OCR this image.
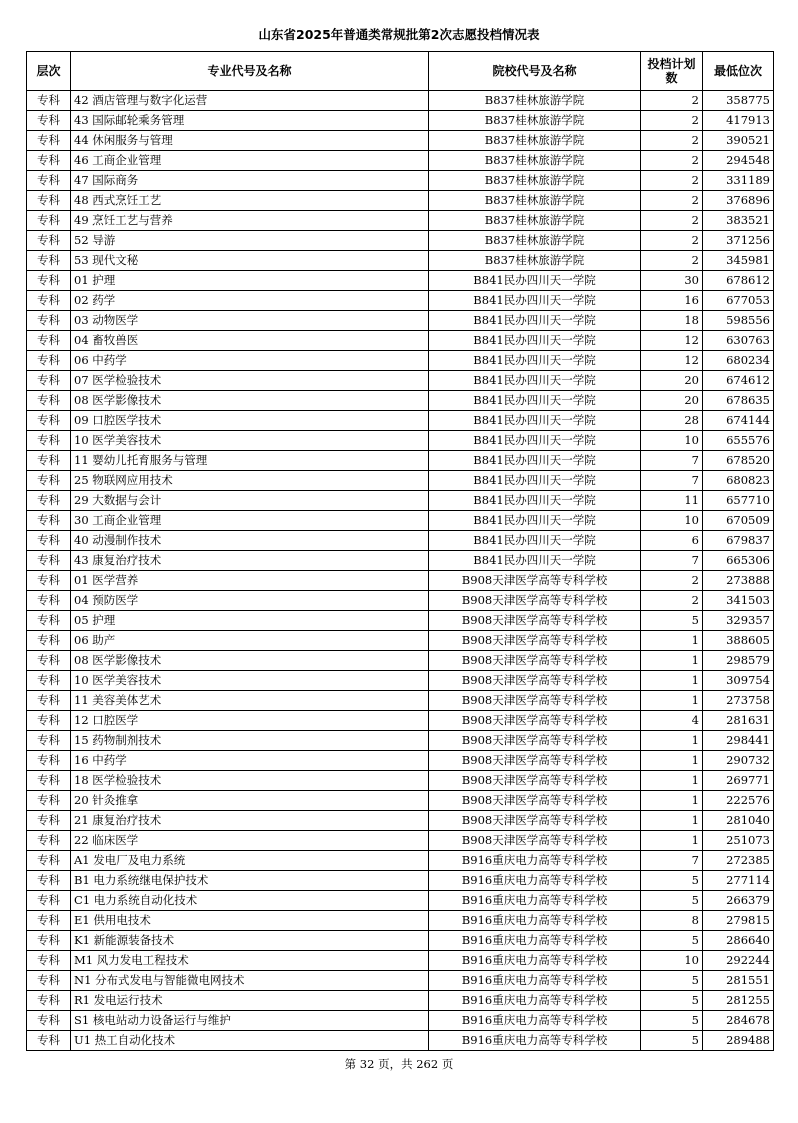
山东省2025年普通类常规批第2次志愿投档情况表
层次	专业代号及名称	院校代号及名称	投档计划数	最低位次
专科	42 酒店管理与数字化运营	B837桂林旅游学院	2	358775
专科	43 国际邮轮乘务管理	B837桂林旅游学院	2	417913
专科	44 休闲服务与管理	B837桂林旅游学院	2	390521
专科	46 工商企业管理	B837桂林旅游学院	2	294548
专科	47 国际商务	B837桂林旅游学院	2	331189
专科	48 西式烹饪工艺	B837桂林旅游学院	2	376896
专科	49 烹饪工艺与营养	B837桂林旅游学院	2	383521
专科	52 导游	B837桂林旅游学院	2	371256
专科	53 现代文秘	B837桂林旅游学院	2	345981
专科	01 护理	B841民办四川天一学院	30	678612
专科	02 药学	B841民办四川天一学院	16	677053
专科	03 动物医学	B841民办四川天一学院	18	598556
专科	04 畜牧兽医	B841民办四川天一学院	12	630763
专科	06 中药学	B841民办四川天一学院	12	680234
专科	07 医学检验技术	B841民办四川天一学院	20	674612
专科	08 医学影像技术	B841民办四川天一学院	20	678635
专科	09 口腔医学技术	B841民办四川天一学院	28	674144
专科	10 医学美容技术	B841民办四川天一学院	10	655576
专科	11 婴幼儿托育服务与管理	B841民办四川天一学院	7	678520
专科	25 物联网应用技术	B841民办四川天一学院	7	680823
专科	29 大数据与会计	B841民办四川天一学院	11	657710
专科	30 工商企业管理	B841民办四川天一学院	10	670509
专科	40 动漫制作技术	B841民办四川天一学院	6	679837
专科	43 康复治疗技术	B841民办四川天一学院	7	665306
专科	01 医学营养	B908天津医学高等专科学校	2	273888
专科	04 预防医学	B908天津医学高等专科学校	2	341503
专科	05 护理	B908天津医学高等专科学校	5	329357
专科	06 助产	B908天津医学高等专科学校	1	388605
专科	08 医学影像技术	B908天津医学高等专科学校	1	298579
专科	10 医学美容技术	B908天津医学高等专科学校	1	309754
专科	11 美容美体艺术	B908天津医学高等专科学校	1	273758
专科	12 口腔医学	B908天津医学高等专科学校	4	281631
专科	15 药物制剂技术	B908天津医学高等专科学校	1	298441
专科	16 中药学	B908天津医学高等专科学校	1	290732
专科	18 医学检验技术	B908天津医学高等专科学校	1	269771
专科	20 针灸推拿	B908天津医学高等专科学校	1	222576
专科	21 康复治疗技术	B908天津医学高等专科学校	1	281040
专科	22 临床医学	B908天津医学高等专科学校	1	251073
专科	A1 发电厂及电力系统	B916重庆电力高等专科学校	7	272385
专科	B1 电力系统继电保护技术	B916重庆电力高等专科学校	5	277114
专科	C1 电力系统自动化技术	B916重庆电力高等专科学校	5	266379
专科	E1 供用电技术	B916重庆电力高等专科学校	8	279815
专科	K1 新能源装备技术	B916重庆电力高等专科学校	5	286640
专科	M1 风力发电工程技术	B916重庆电力高等专科学校	10	292244
专科	N1 分布式发电与智能微电网技术	B916重庆电力高等专科学校	5	281551
专科	R1 发电运行技术	B916重庆电力高等专科学校	5	281255
专科	S1 核电站动力设备运行与维护	B916重庆电力高等专科学校	5	284678
专科	U1 热工自动化技术	B916重庆电力高等专科学校	5	289488
第 32 页，共 262 页
